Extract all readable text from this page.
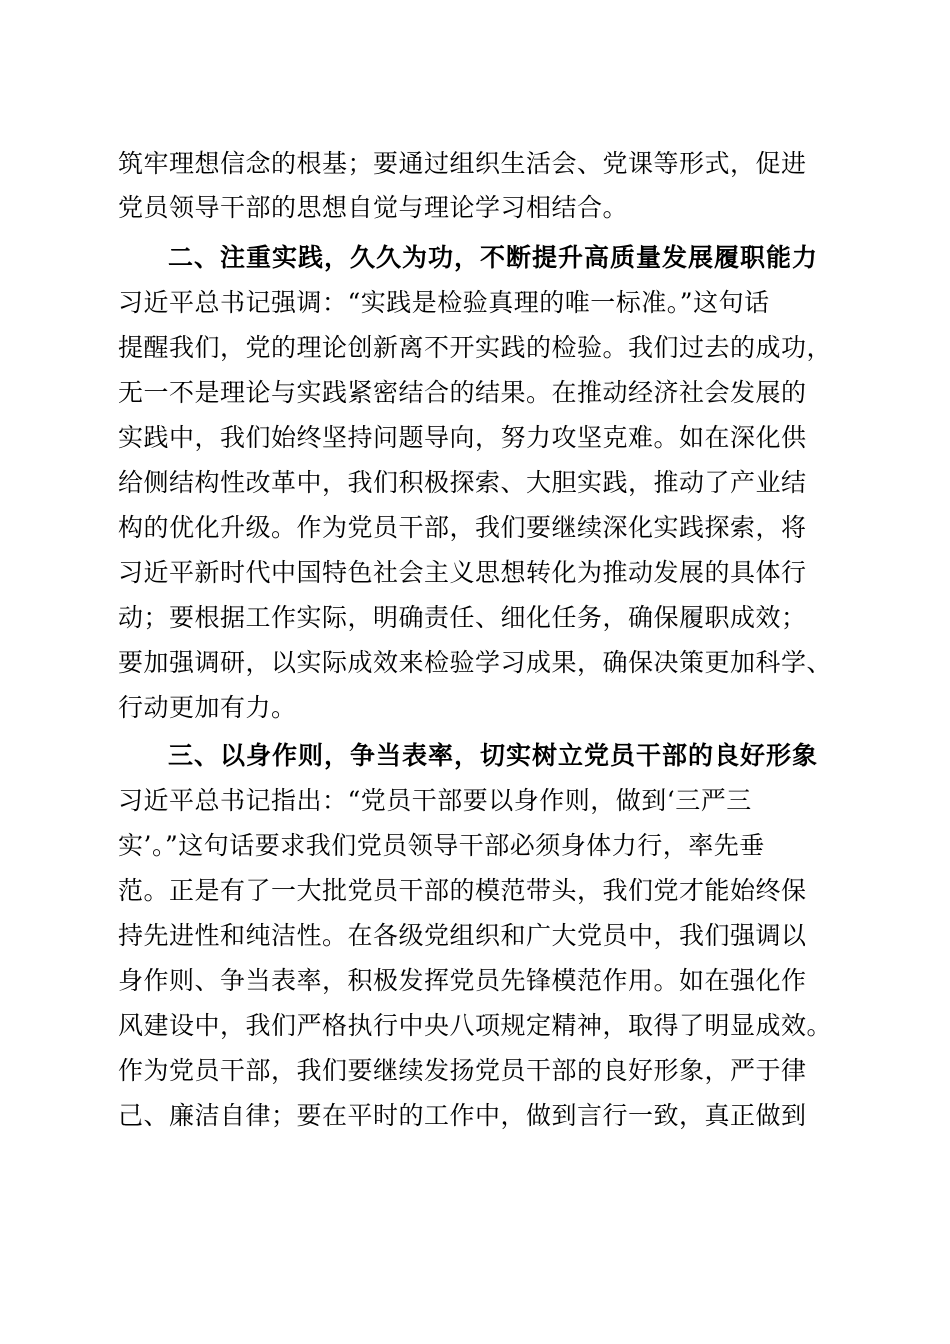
筑牢理想信念的根基；要通过组织生活会、党课等形式，促进
党员领导干部的思想自觉与理论学习相结合。
二、注重实践，久久为功，不断提升高质量发展履职能力
习近平总书记强调：“实践是检验真理的唯一标准。”这句话
提醒我们，党的理论创新离不开实践的检验。我们过去的成功，
无一不是理论与实践紧密结合的结果。在推动经济社会发展的
实践中，我们始终坚持问题导向，努力攻坚克难。如在深化供
给侧结构性改革中，我们积极探索、大胆实践，推动了产业结
构的优化升级。作为党员干部，我们要继续深化实践探索，将
习近平新时代中国特色社会主义思想转化为推动发展的具体行
动；要根据工作实际，明确责任、细化任务，确保履职成效；
要加强调研，以实际成效来检验学习成果，确保决策更加科学、
行动更加有力。
三、以身作则，争当表率，切实树立党员干部的良好形象
习近平总书记指出：“党员干部要以身作则，做到‘三严三
实’。”这句话要求我们党员领导干部必须身体力行，率先垂
范。正是有了一大批党员干部的模范带头，我们党才能始终保
持先进性和纯洁性。在各级党组织和广大党员中，我们强调以
身作则、争当表率，积极发挥党员先锋模范作用。如在强化作
风建设中，我们严格执行中央八项规定精神，取得了明显成效。
作为党员干部，我们要继续发扬党员干部的良好形象，严于律
己、廉洁自律；要在平时的工作中，做到言行一致，真正做到
